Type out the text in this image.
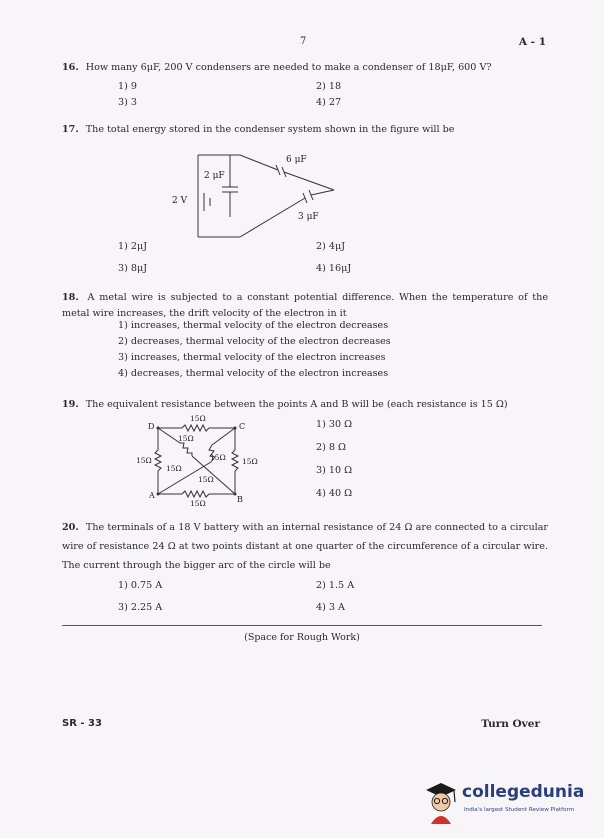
7	A - 1
16. How many 6μF, 200 V condensers are needed to make a condenser of 18μF, 600 V?
1) 9	2) 18
3) 3	4) 27
17. The total energy stored in the condenser system shown in the figure will be
2 μF
6 μF
3 μF
2 V
1) 2μJ	2) 4μJ
3) 8μJ	4) 16μJ
18. A metal wire is subjected to a constant potential difference. When the temperature of the metal wire increases, the drift velocity of the electron in it
1) increases, thermal velocity of the electron decreases
2) decreases, thermal velocity of the electron decreases
3) increases, thermal velocity of the electron increases
4) decreases, thermal velocity of the electron increases
19. The equivalent resistance between the points A and B will be (each resistance is 15 Ω)
15Ω
15Ω
15Ω
15Ω	15Ω
15Ω
15Ω
15Ω
D	C
A	B
1) 30 Ω
2) 8 Ω
3) 10 Ω
4) 40 Ω
20. The terminals of a 18 V battery with an internal resistance of 24 Ω are connected to a circular wire of resistance 24 Ω at two points distant at one quarter of the circumference of a circular wire. The current through the bigger arc of the circle will be
1) 0.75 A	2) 1.5 A
3) 2.25 A	4) 3 A
(Space for Rough Work)
SR - 33	Turn Over
collegedunia
India's largest Student Review Platform
